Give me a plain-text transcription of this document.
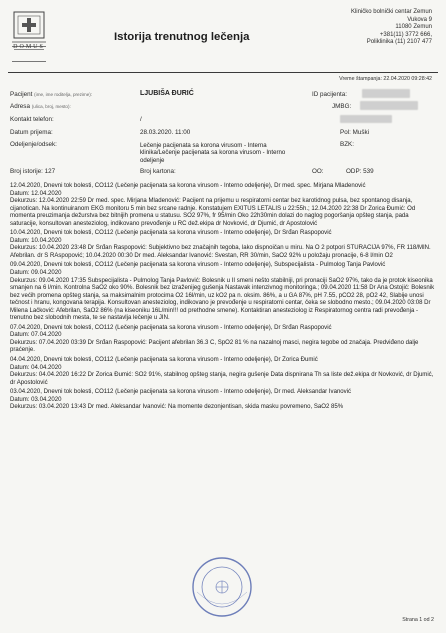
DOMUS
Istorija trenutnog lečenja
Kliničko bolnički centar Zemun
Vukova 9
11080 Zemun
+381(11) 3772 666,
Poliklinika (11) 2107 477
Vreme štampanja: 22.04.2020 09:28:42
Pacijent (ime, ime roditelja, prezime):	LJUBIŠA ĐURIĆ
Adresa (ulica, broj, mesto):
Kontakt telefon:	/
Datum prijema:	28.03.2020. 11:00
Odeljenje/odsek:	Lečenje pacijenata sa korona virusom - Interna klinika/Lečenje pacijenata sa korona virusom - Interno odeljenje
Broj istorije: 127	Broj kartona:
ID pacijenta:
JMBG:
Pol: Muški
BZK:
OO:	ODP: 539
12.04.2020, Dnevni tok bolesti, CO112 (Lečenje pacijenata sa korona virusom - Interno odeljenje), Dr med. spec. Mirjana Mladenović
Datum: 12.04.2020
Dekurzus: 12.04.2020 22:59 Dr med. spec. Mirjana Mladenović: Pacijent na prijemu u respiratorni centar bez karotidnog pulsa, bez spontanog disanja, cijanotican. Na kontinuiranom EKG monitoru 5 min bez srcane radnje. Konstatujem EXITUS LETALIS u 22:55h.; 12.04.2020 22:38 Dr Zorica Đumić: Od momenta preuzimanja dežurstva bez bitnijih promena u statusu. SO2 97%, fr 95/min Oko 22h30min dolazi do naglog pogoršanja opšteg stanja, pada saturacije, konsultovan anesteziolog, indikovano prevođenje u RC dež.ekipa dr Novković, dr Djumić, dr Apostolović
10.04.2020, Dnevni tok bolesti, CO112 (Lečenje pacijenata sa korona virusom - Interno odeljenje), Dr Srđan Raspopović
Datum: 10.04.2020
Dekurzus: 10.04.2020 23:48 Dr Srđan Raspopović: Subjektivno bez značajnih tegoba, lako dispnoičan u miru. Na O 2 potpori STURACIJA 97%, FR 118/MIN. Afebrilan. dr S RAspopović; 10.04.2020 00:30 Dr med. Aleksandar Ivanović: Svestan, RR 30/min, SaO2 92% u položaju pronacije, 6-8 l/min O2
09.04.2020, Dnevni tok bolesti, CO112 (Lečenje pacijenata sa korona virusom - Interno odeljenje), Subspecijalista - Pulmolog Tanja Pavlović
Datum: 09.04.2020
Dekurzus: 09.04.2020 17:35 Subspecijalista - Pulmolog Tanja Pavlović: Bolesnik u II smeni nešto stabilniji, pri pronaciji SaO2 97%, tako da je protok kiseonika smanjen na 6 l/min. Kontrolna SaO2 oko 90%. Bolesnik bez izraženijeg gušenja Nastavak intenzivnog monitoringa.; 09.04.2020 11:58 Dr Ana Ostojić: Bolesnik bez većih promena opšteg stanja, sa maksimalnim protocima O2 16l/min, uz kO2 pa n. oksim. 86%, a u GA 87%, pH 7.55, pCO2 28, pO2 42, Slabije unosi tečnost i hranu, kongovana terapija. Konsultovan anesteziolog, indikovano je prevođenje u respiratorni centar, čeka se slobodno mesto.; 09.04.2020 03:08 Dr Milena Lačković: Afebrilan, SaO2 86% (na kiseoniku 16L/min!!! od prethodne smene). Kontaktiran anesteziolog iz Respiratornog centra radi prevođenja - trenutno bez slobodnih mesta, te se nastavlja lečenje u JIN.
07.04.2020, Dnevni tok bolesti, CO112 (Lečenje pacijenata sa korona virusom - Interno odeljenje), Dr Srđan Raspopović
Datum: 07.04.2020
Dekurzus: 07.04.2020 03:39 Dr Srđan Raspopović: Pacijent afebrilan 36.3 C, SpO2 81 % na nazalnoj masci, negira tegobe od značaja. Predviđeno dalje praćenje.
04.04.2020, Dnevni tok bolesti, CO112 (Lečenje pacijenata sa korona virusom - Interno odeljenje), Dr Zorica Đumić
Datum: 04.04.2020
Dekurzus: 04.04.2020 16:22 Dr Zorica Đumić: SO2 91%, stabilnog opšteg stanja, negira gušenje Data dispnirana Th sa liste dež.ekipa dr Novković, dr Djumić, dr Apostolović
03.04.2020, Dnevni tok bolesti, CO112 (Lečenje pacijenata sa korona virusom - Interno odeljenje), Dr med. Aleksandar Ivanović
Datum: 03.04.2020
Dekurzus: 03.04.2020 13:43 Dr med. Aleksandar Ivanović: Na momente dezonjentisan, skida masku povremeno, SaO2 85%
Strana 1 od 2
